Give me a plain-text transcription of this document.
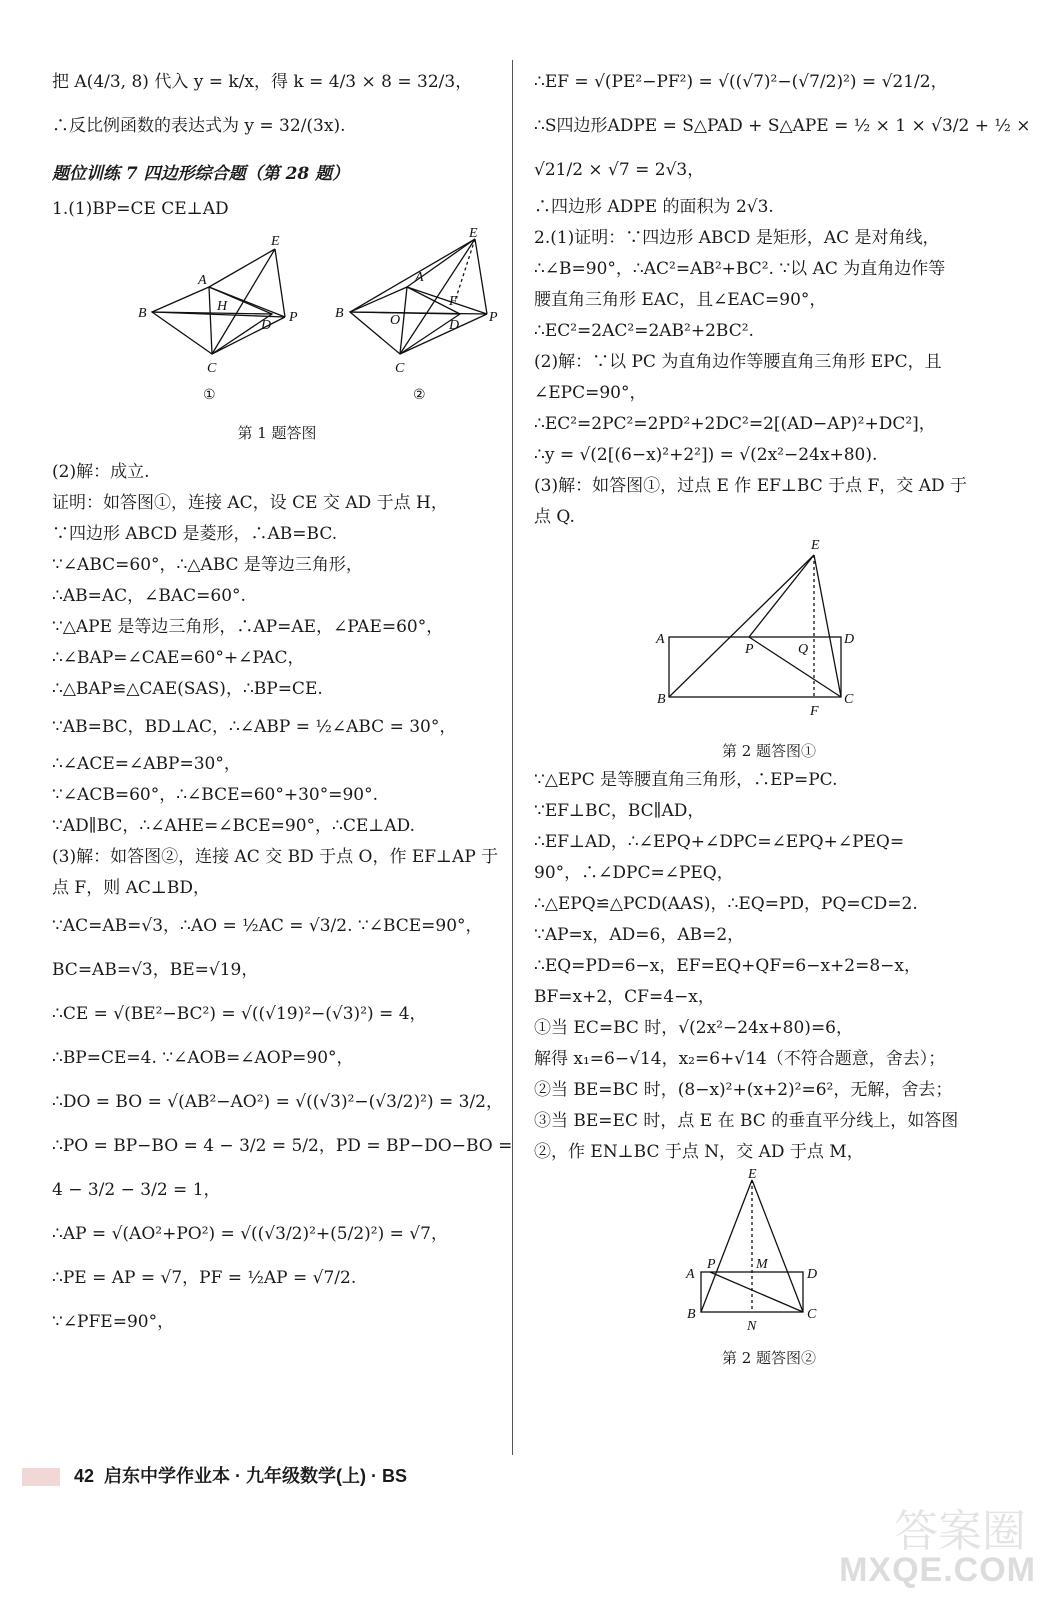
把 A(4/3, 8) 代入 y = k/x，得 k = 4/3 × 8 = 32/3，
∴反比例函数的表达式为 y = 32/(3x).
题位训练 7 四边形综合题（第 28 题）
1.(1)BP=CE CE⊥AD
B
A
E
H
D
P
C
①
B
A
E
O
F
D
P
C
②
第 1 题答图
(2)解：成立.
证明：如答图①，连接 AC，设 CE 交 AD 于点 H，
∵四边形 ABCD 是菱形，∴AB=BC.
∵∠ABC=60°，∴△ABC 是等边三角形，
∴AB=AC，∠BAC=60°.
∵△APE 是等边三角形，∴AP=AE，∠PAE=60°，
∴∠BAP=∠CAE=60°+∠PAC，
∴△BAP≌△CAE(SAS)，∴BP=CE.
∵AB=BC，BD⊥AC，∴∠ABP = ½∠ABC = 30°，
∴∠ACE=∠ABP=30°，
∵∠ACB=60°，∴∠BCE=60°+30°=90°.
∵AD∥BC，∴∠AHE=∠BCE=90°，∴CE⊥AD.
(3)解：如答图②，连接 AC 交 BD 于点 O，作 EF⊥AP 于
点 F，则 AC⊥BD，
∵AC=AB=√3，∴AO = ½AC = √3/2. ∵∠BCE=90°，
BC=AB=√3，BE=√19，
∴CE = √(BE²−BC²) = √((√19)²−(√3)²) = 4，
∴BP=CE=4. ∵∠AOB=∠AOP=90°，
∴DO = BO = √(AB²−AO²) = √((√3)²−(√3/2)²) = 3/2，
∴PO = BP−BO = 4 − 3/2 = 5/2，PD = BP−DO−BO =
4 − 3/2 − 3/2 = 1，
∴AP = √(AO²+PO²) = √((√3/2)²+(5/2)²) = √7，
∴PE = AP = √7，PF = ½AP = √7/2.
∵∠PFE=90°，
∴EF = √(PE²−PF²) = √((√7)²−(√7/2)²) = √21/2，
∴S四边形ADPE = S△PAD + S△APE = ½ × 1 × √3/2 + ½ ×
√21/2 × √7 = 2√3，
∴四边形 ADPE 的面积为 2√3.
2.(1)证明：∵四边形 ABCD 是矩形，AC 是对角线，
∴∠B=90°，∴AC²=AB²+BC². ∵以 AC 为直角边作等
腰直角三角形 EAC，且∠EAC=90°，
∴EC²=2AC²=2AB²+2BC².
(2)解：∵以 PC 为直角边作等腰直角三角形 EPC，且
∠EPC=90°，
∴EC²=2PC²=2PD²+2DC²=2[(AD−AP)²+DC²]，
∴y = √(2[(6−x)²+2²]) = √(2x²−24x+80).
(3)解：如答图①，过点 E 作 EF⊥BC 于点 F，交 AD 于
点 Q.
A	D
B	C
E
P	Q
F
第 2 题答图①
∵△EPC 是等腰直角三角形，∴EP=PC.
∵EF⊥BC，BC∥AD，
∴EF⊥AD，∴∠EPQ+∠DPC=∠EPQ+∠PEQ=
90°，∴∠DPC=∠PEQ，
∴△EPQ≌△PCD(AAS)，∴EQ=PD，PQ=CD=2.
∵AP=x，AD=6，AB=2，
∴EQ=PD=6−x，EF=EQ+QF=6−x+2=8−x，
BF=x+2，CF=4−x，
①当 EC=BC 时，√(2x²−24x+80)=6，
解得 x₁=6−√14，x₂=6+√14（不符合题意，舍去）；
②当 BE=BC 时，(8−x)²+(x+2)²=6²，无解，舍去；
③当 BE=EC 时，点 E 在 BC 的垂直平分线上，如答图
②，作 EN⊥BC 于点 N，交 AD 于点 M，
A	D
B	C
E
P	M
N
第 2 题答图②
42 启东中学作业本 · 九年级数学(上) · BS
答案圈
MXQE.COM
